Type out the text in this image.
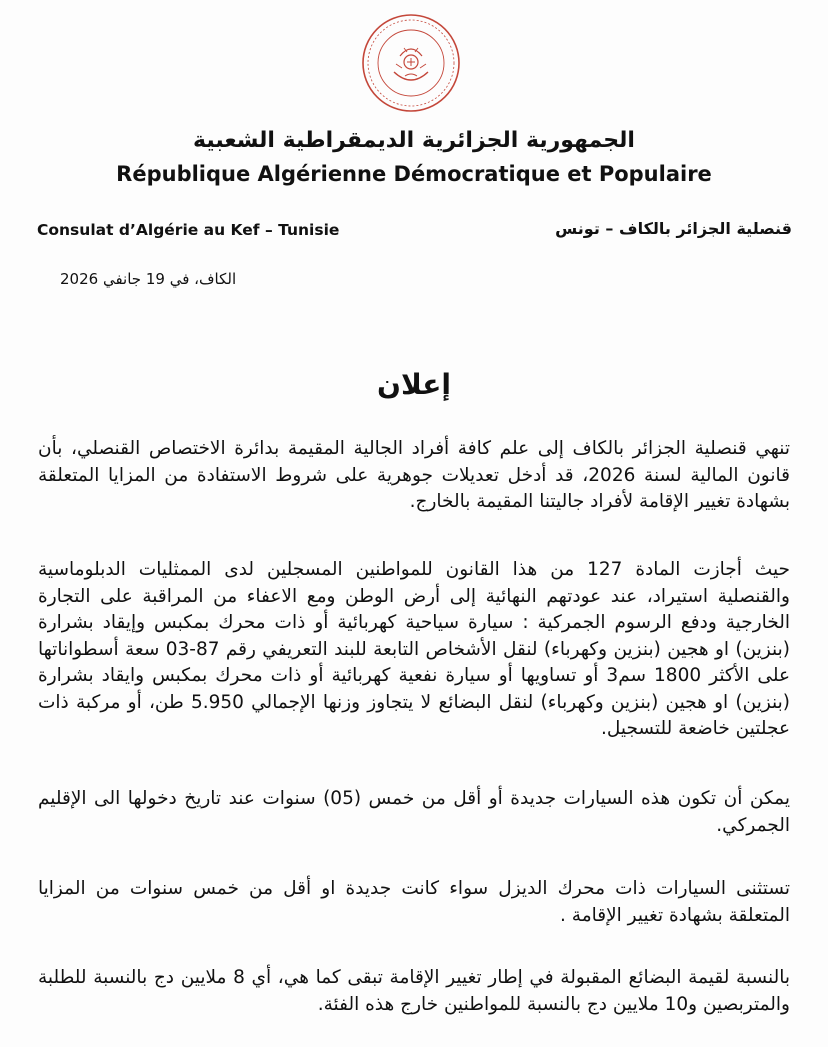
الجمهورية الجزائرية الديمقراطية الشعبية
République Algérienne Démocratique et Populaire
Consulat d’Algérie au Kef – Tunisie	قنصلية الجزائر بالكاف – تونس
الكاف، في 19 جانفي 2026
إعلان
تنهي قنصلية الجزائر بالكاف إلى علم كافة أفراد الجالية المقيمة بدائرة الاختصاص القنصلي، بأن قانون المالية لسنة 2026، قد أدخل تعديلات جوهرية على شروط الاستفادة من المزايا المتعلقة بشهادة تغيير الإقامة لأفراد جاليتنا المقيمة بالخارج.
حيث أجازت المادة 127 من هذا القانون للمواطنين المسجلين لدى الممثليات الدبلوماسية والقنصلية استيراد، عند عودتهم النهائية إلى أرض الوطن ومع الاعفاء من المراقبة على التجارة الخارجية ودفع الرسوم الجمركية : سيارة سياحية كهربائية أو ذات محرك بمكبس وإيقاد بشرارة (بنزين) او هجين (بنزين وكهرباء) لنقل الأشخاص التابعة للبند التعريفي رقم 87-03 سعة أسطواناتها على الأكثر 1800 سم3 أو تساويها أو سيارة نفعية كهربائية أو ذات محرك بمكبس وايقاد بشرارة (بنزين) او هجين (بنزين وكهرباء) لنقل البضائع لا يتجاوز وزنها الإجمالي 5.950 طن، أو مركبة ذات عجلتين خاضعة للتسجيل.
يمكن أن تكون هذه السيارات جديدة أو أقل من خمس (05) سنوات عند تاريخ دخولها الى الإقليم الجمركي.
تستثنى السيارات ذات محرك الديزل سواء كانت جديدة او أقل من خمس سنوات من المزايا المتعلقة بشهادة تغيير الإقامة .
بالنسبة لقيمة البضائع المقبولة في إطار تغيير الإقامة تبقى كما هي، أي 8 ملايين دج بالنسبة للطلبة والمتربصين و10 ملايين دج بالنسبة للمواطنين خارج هذه الفئة.
